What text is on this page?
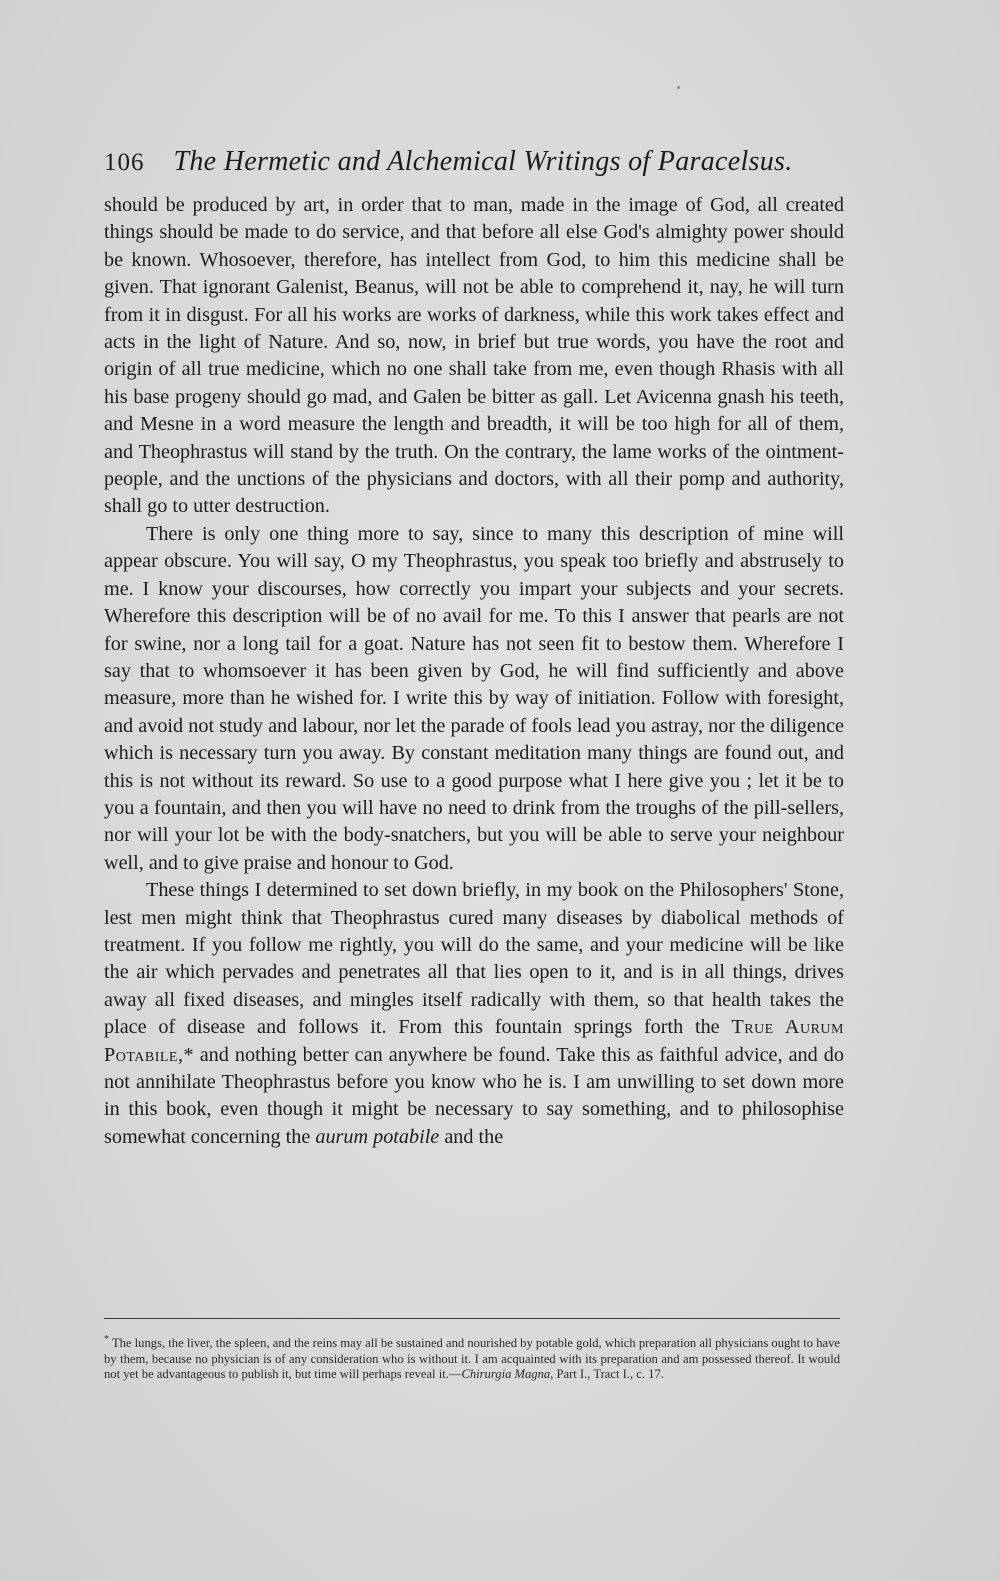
106 The Hermetic and Alchemical Writings of Paracelsus.

should be produced by art, in order that to man, made in the image of God, all created things should be made to do service, and that before all else God's almighty power should be known. Whosoever, therefore, has intellect from God, to him this medicine shall be given. That ignorant Galenist, Beanus, will not be able to comprehend it, nay, he will turn from it in disgust. For all his works are works of darkness, while this work takes effect and acts in the light of Nature. And so, now, in brief but true words, you have the root and origin of all true medicine, which no one shall take from me, even though Rhasis with all his base progeny should go mad, and Galen be bitter as gall. Let Avicenna gnash his teeth, and Mesne in a word measure the length and breadth, it will be too high for all of them, and Theophrastus will stand by the truth. On the contrary, the lame works of the ointment-people, and the unctions of the physicians and doctors, with all their pomp and authority, shall go to utter destruction.

There is only one thing more to say, since to many this description of mine will appear obscure. You will say, O my Theophrastus, you speak too briefly and abstrusely to me. I know your discourses, how correctly you impart your subjects and your secrets. Wherefore this description will be of no avail for me. To this I answer that pearls are not for swine, nor a long tail for a goat. Nature has not seen fit to bestow them. Wherefore I say that to whomsoever it has been given by God, he will find sufficiently and above measure, more than he wished for. I write this by way of initiation. Follow with foresight, and avoid not study and labour, nor let the parade of fools lead you astray, nor the diligence which is necessary turn you away. By constant meditation many things are found out, and this is not without its reward. So use to a good purpose what I here give you ; let it be to you a fountain, and then you will have no need to drink from the troughs of the pill-sellers, nor will your lot be with the body-snatchers, but you will be able to serve your neighbour well, and to give praise and honour to God.

These things I determined to set down briefly, in my book on the Philosophers' Stone, lest men might think that Theophrastus cured many diseases by diabolical methods of treatment. If you follow me rightly, you will do the same, and your medicine will be like the air which pervades and penetrates all that lies open to it, and is in all things, drives away all fixed diseases, and mingles itself radically with them, so that health takes the place of disease and follows it. From this fountain springs forth the True Aurum Potabile,* and nothing better can anywhere be found. Take this as faithful advice, and do not annihilate Theophrastus before you know who he is. I am unwilling to set down more in this book, even though it might be necessary to say something, and to philosophise somewhat concerning the aurum potabile and the

* The lungs, the liver, the spleen, and the reins may all be sustained and nourished by potable gold, which preparation all physicians ought to have by them, because no physician is of any consideration who is without it. I am acquainted with its preparation and am possessed thereof. It would not yet be advantageous to publish it, but time will perhaps reveal it.—Chirurgia Magna, Part I., Tract I., c. 17.
